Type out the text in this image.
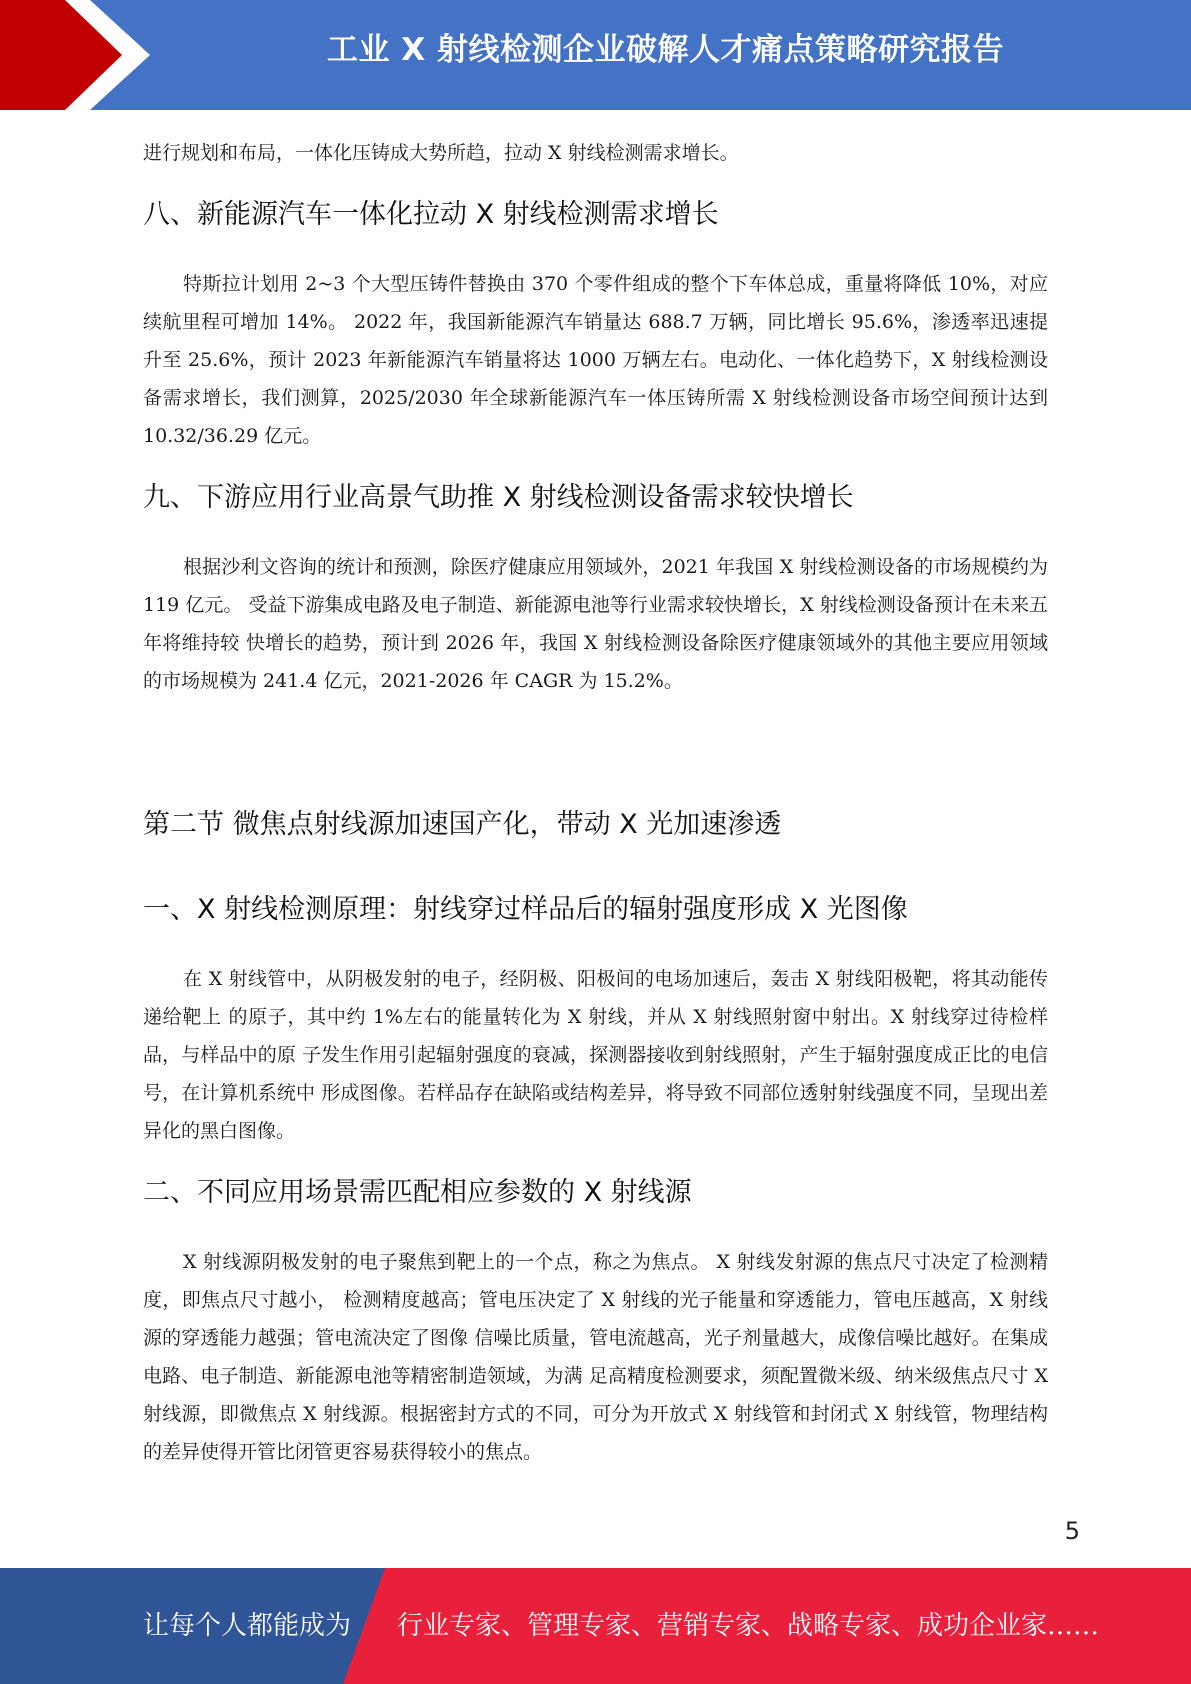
工业 X 射线检测企业破解人才痛点策略研究报告

进行规划和布局，一体化压铸成大势所趋，拉动 X 射线检测需求增长。

八、新能源汽车一体化拉动 X 射线检测需求增长

特斯拉计划用 2~3 个大型压铸件替换由 370 个零件组成的整个下车体总成，重量将降低 10%，对应续航里程可增加 14%。 2022 年，我国新能源汽车销量达 688.7 万辆，同比增长 95.6%，渗透率迅速提升至 25.6%，预计 2023 年新能源汽车销量将达 1000 万辆左右。电动化、一体化趋势下，X 射线检测设备需求增长，我们测算，2025/2030 年全球新能源汽车一体压铸所需 X 射线检测设备市场空间预计达到 10.32/36.29 亿元。

九、下游应用行业高景气助推 X 射线检测设备需求较快增长

根据沙利文咨询的统计和预测，除医疗健康应用领域外，2021 年我国 X 射线检测设备的市场规模约为 119 亿元。 受益下游集成电路及电子制造、新能源电池等行业需求较快增长，X 射线检测设备预计在未来五年将维持较 快增长的趋势，预计到 2026 年，我国 X 射线检测设备除医疗健康领域外的其他主要应用领域的市场规模为 241.4 亿元，2021-2026 年 CAGR 为 15.2%。

第二节 微焦点射线源加速国产化，带动 X 光加速渗透
一、X 射线检测原理：射线穿过样品后的辐射强度形成 X 光图像

在 X 射线管中，从阴极发射的电子，经阴极、阳极间的电场加速后，轰击 X 射线阳极靶，将其动能传递给靶上 的原子，其中约 1%左右的能量转化为 X 射线，并从 X 射线照射窗中射出。X 射线穿过待检样品，与样品中的原 子发生作用引起辐射强度的衰减，探测器接收到射线照射，产生于辐射强度成正比的电信号，在计算机系统中 形成图像。若样品存在缺陷或结构差异，将导致不同部位透射射线强度不同，呈现出差异化的黑白图像。

二、不同应用场景需匹配相应参数的 X 射线源

X 射线源阴极发射的电子聚焦到靶上的一个点，称之为焦点。 X 射线发射源的焦点尺寸决定了检测精度，即焦点尺寸越小， 检测精度越高；管电压决定了 X 射线的光子能量和穿透能力，管电压越高，X 射线源的穿透能力越强；管电流决定了图像 信噪比质量，管电流越高，光子剂量越大，成像信噪比越好。在集成电路、电子制造、新能源电池等精密制造领域，为满 足高精度检测要求，须配置微米级、纳米级焦点尺寸 X 射线源，即微焦点 X 射线源。根据密封方式的不同，可分为开放式 X 射线管和封闭式 X 射线管，物理结构的差异使得开管比闭管更容易获得较小的焦点。

5
让每个人都能成为 行业专家、管理专家、营销专家、战略专家、成功企业家……
